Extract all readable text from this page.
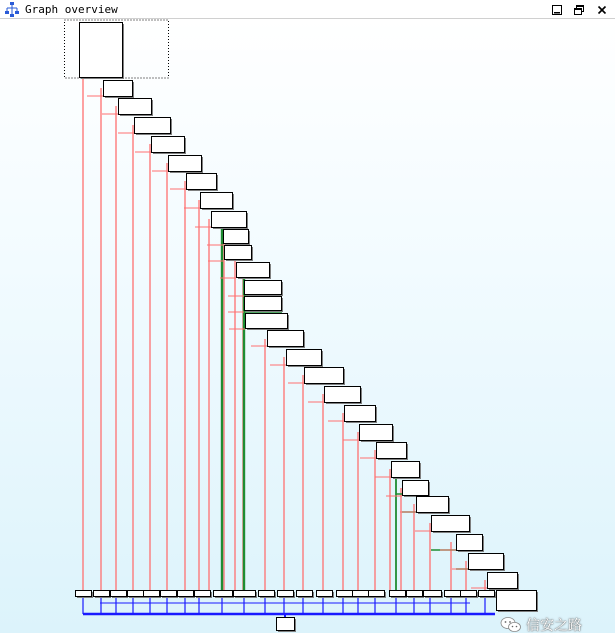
Graph overview
信安之路
